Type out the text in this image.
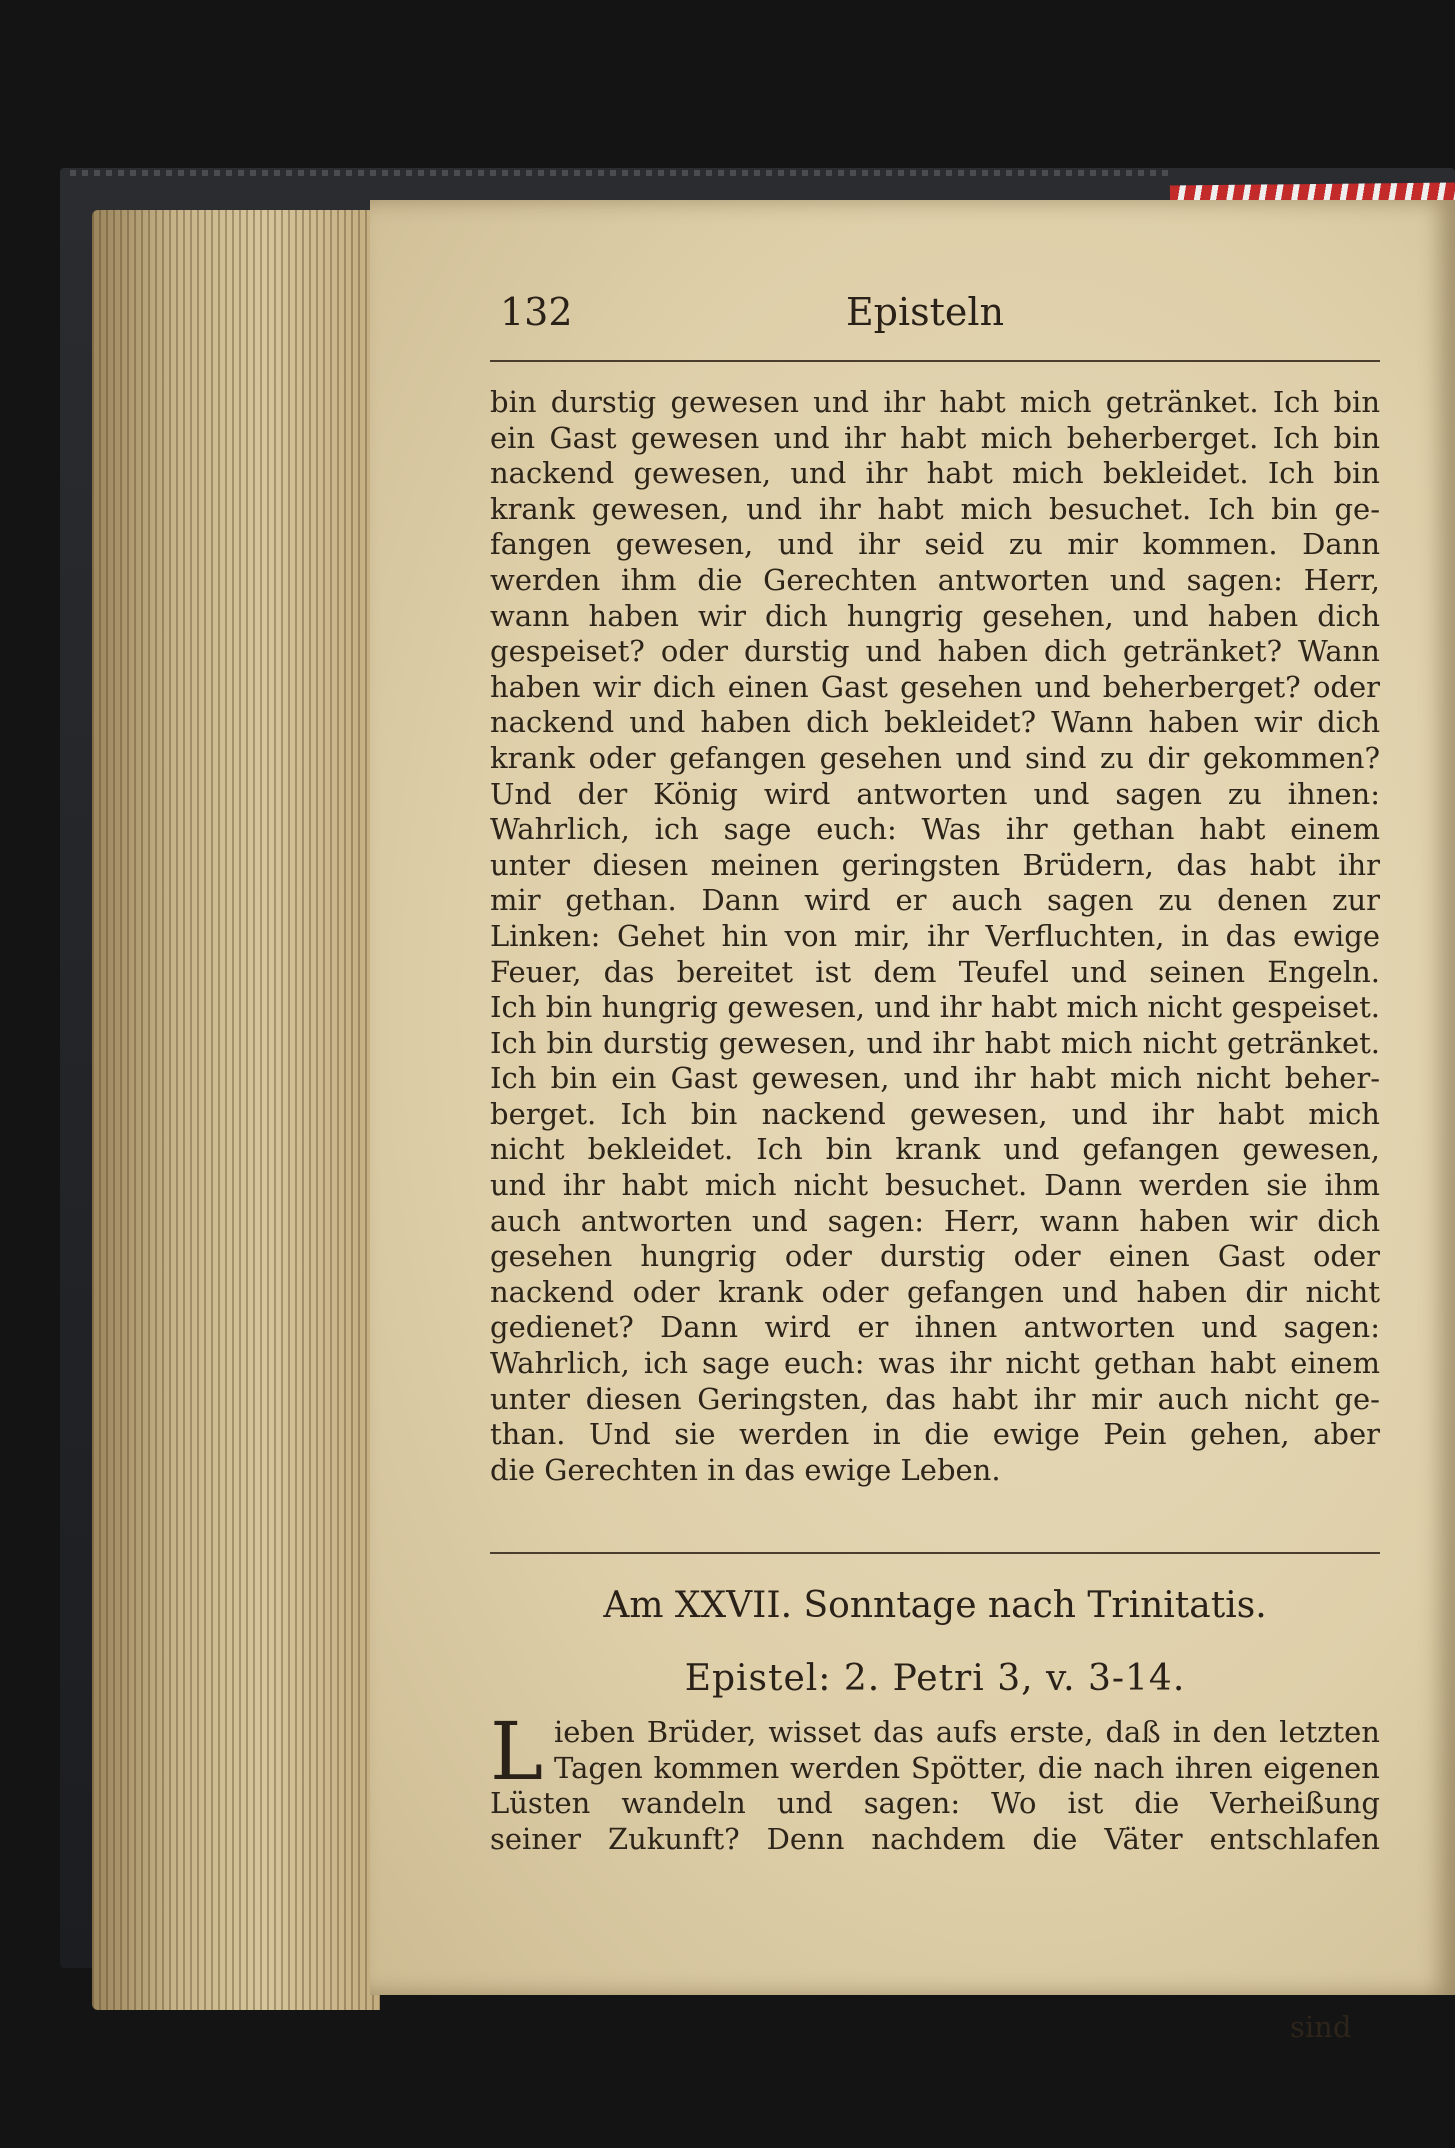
Episteln
132
bin durstig gewesen und ihr habt mich getränket. Ich bin
ein Gast gewesen und ihr habt mich beherberget. Ich bin
nackend gewesen, und ihr habt mich bekleidet. Ich bin
krank gewesen, und ihr habt mich besuchet. Ich bin ge-
fangen gewesen, und ihr seid zu mir kommen. Dann
werden ihm die Gerechten antworten und sagen: Herr,
wann haben wir dich hungrig gesehen, und haben dich
gespeiset? oder durstig und haben dich getränket? Wann
haben wir dich einen Gast gesehen und beherberget? oder
nackend und haben dich bekleidet? Wann haben wir dich
krank oder gefangen gesehen und sind zu dir gekommen?
Und der König wird antworten und sagen zu ihnen:
Wahrlich, ich sage euch: Was ihr gethan habt einem
unter diesen meinen geringsten Brüdern, das habt ihr
mir gethan. Dann wird er auch sagen zu denen zur
Linken: Gehet hin von mir, ihr Verfluchten, in das ewige
Feuer, das bereitet ist dem Teufel und seinen Engeln.
Ich bin hungrig gewesen, und ihr habt mich nicht gespeiset.
Ich bin durstig gewesen, und ihr habt mich nicht getränket.
Ich bin ein Gast gewesen, und ihr habt mich nicht beher-
berget. Ich bin nackend gewesen, und ihr habt mich
nicht bekleidet. Ich bin krank und gefangen gewesen,
und ihr habt mich nicht besuchet. Dann werden sie ihm
auch antworten und sagen: Herr, wann haben wir dich
gesehen hungrig oder durstig oder einen Gast oder
nackend oder krank oder gefangen und haben dir nicht
gedienet? Dann wird er ihnen antworten und sagen:
Wahrlich, ich sage euch: was ihr nicht gethan habt einem
unter diesen Geringsten, das habt ihr mir auch nicht ge-
than. Und sie werden in die ewige Pein gehen, aber
die Gerechten in das ewige Leben.
Am XXVII. Sonntage nach Trinitatis.
Epistel: 2. Petri 3, v. 3-14.
L ieben Brüder, wisset das aufs erste, daß in den letzten
Tagen kommen werden Spötter, die nach ihren eigenen
Lüsten wandeln und sagen: Wo ist die Verheißung
seiner Zukunft? Denn nachdem die Väter entschlafen
sind
